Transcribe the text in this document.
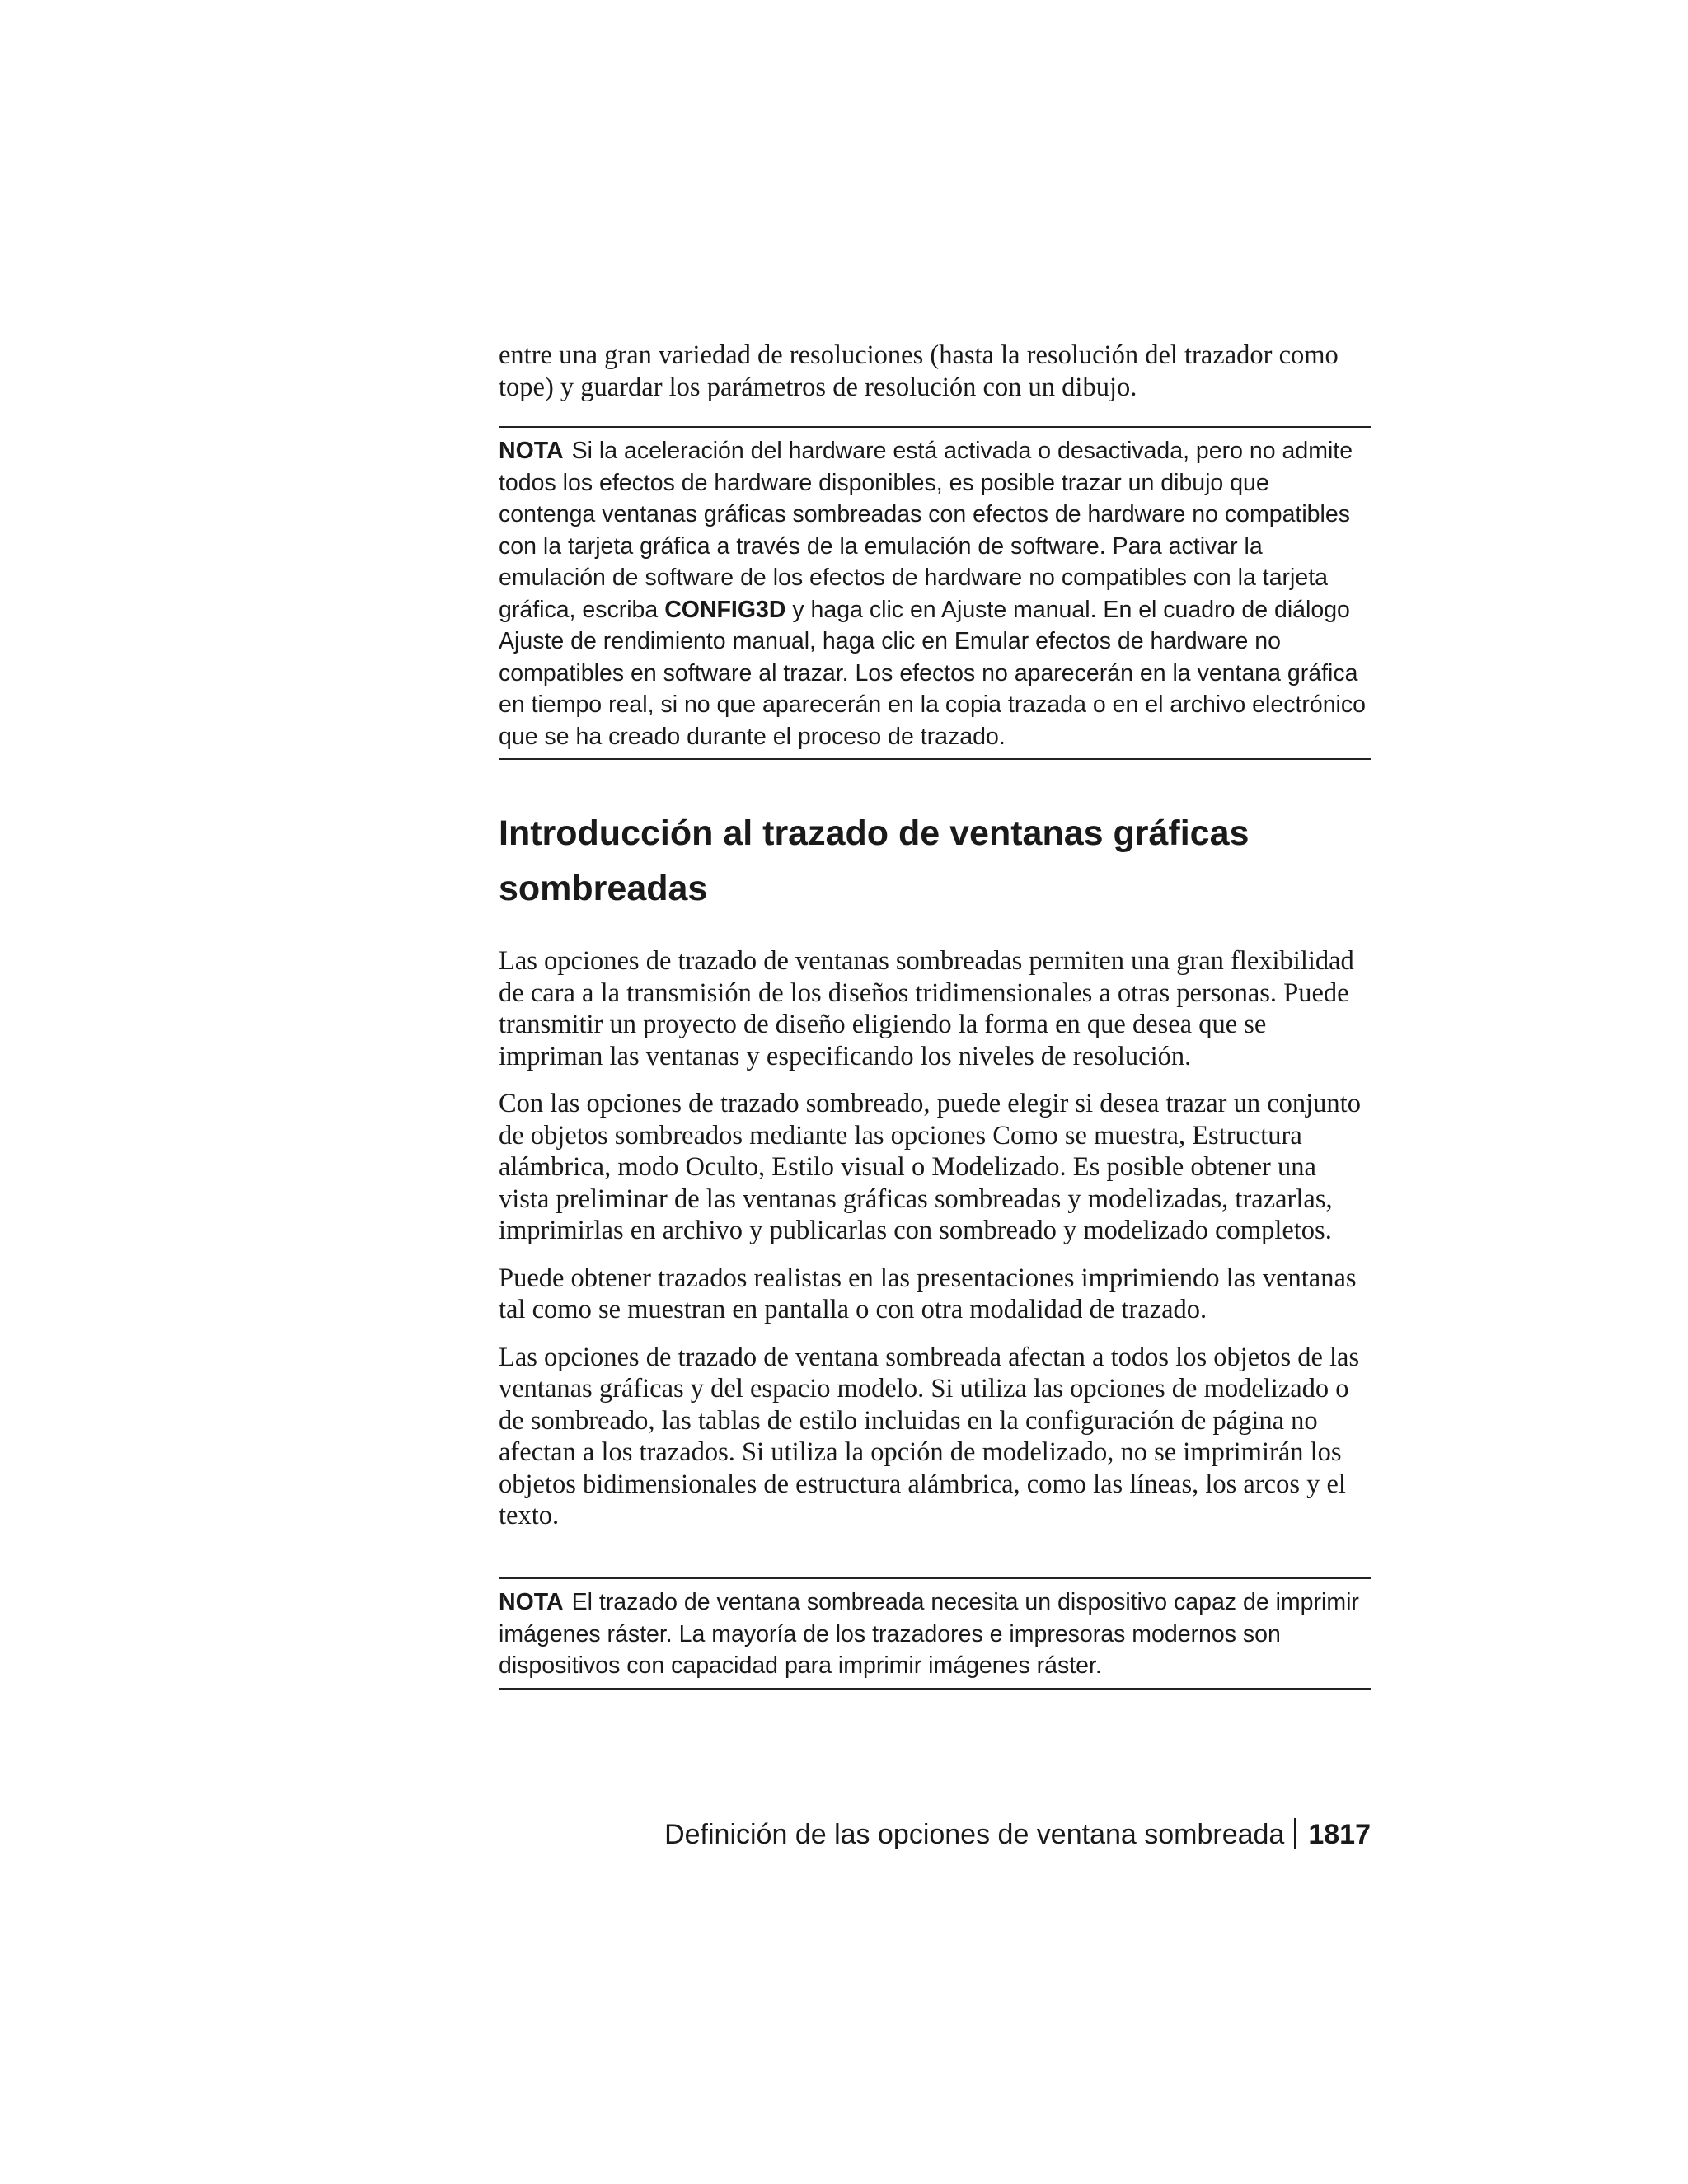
entre una gran variedad de resoluciones (hasta la resolución del trazador como tope) y guardar los parámetros de resolución con un dibujo.

NOTA Si la aceleración del hardware está activada o desactivada, pero no admite todos los efectos de hardware disponibles, es posible trazar un dibujo que contenga ventanas gráficas sombreadas con efectos de hardware no compatibles con la tarjeta gráfica a través de la emulación de software. Para activar la emulación de software de los efectos de hardware no compatibles con la tarjeta gráfica, escriba CONFIG3D y haga clic en Ajuste manual. En el cuadro de diálogo Ajuste de rendimiento manual, haga clic en Emular efectos de hardware no compatibles en software al trazar. Los efectos no aparecerán en la ventana gráfica en tiempo real, si no que aparecerán en la copia trazada o en el archivo electrónico que se ha creado durante el proceso de trazado.

Introducción al trazado de ventanas gráficas sombreadas

Las opciones de trazado de ventanas sombreadas permiten una gran flexibilidad de cara a la transmisión de los diseños tridimensionales a otras personas. Puede transmitir un proyecto de diseño eligiendo la forma en que desea que se impriman las ventanas y especificando los niveles de resolución.

Con las opciones de trazado sombreado, puede elegir si desea trazar un conjunto de objetos sombreados mediante las opciones Como se muestra, Estructura alámbrica, modo Oculto, Estilo visual o Modelizado. Es posible obtener una vista preliminar de las ventanas gráficas sombreadas y modelizadas, trazarlas, imprimirlas en archivo y publicarlas con sombreado y modelizado completos.

Puede obtener trazados realistas en las presentaciones imprimiendo las ventanas tal como se muestran en pantalla o con otra modalidad de trazado.

Las opciones de trazado de ventana sombreada afectan a todos los objetos de las ventanas gráficas y del espacio modelo. Si utiliza las opciones de modelizado o de sombreado, las tablas de estilo incluidas en la configuración de página no afectan a los trazados. Si utiliza la opción de modelizado, no se imprimirán los objetos bidimensionales de estructura alámbrica, como las líneas, los arcos y el texto.

NOTA El trazado de ventana sombreada necesita un dispositivo capaz de imprimir imágenes ráster. La mayoría de los trazadores e impresoras modernos son dispositivos con capacidad para imprimir imágenes ráster.

Definición de las opciones de ventana sombreada 1817
